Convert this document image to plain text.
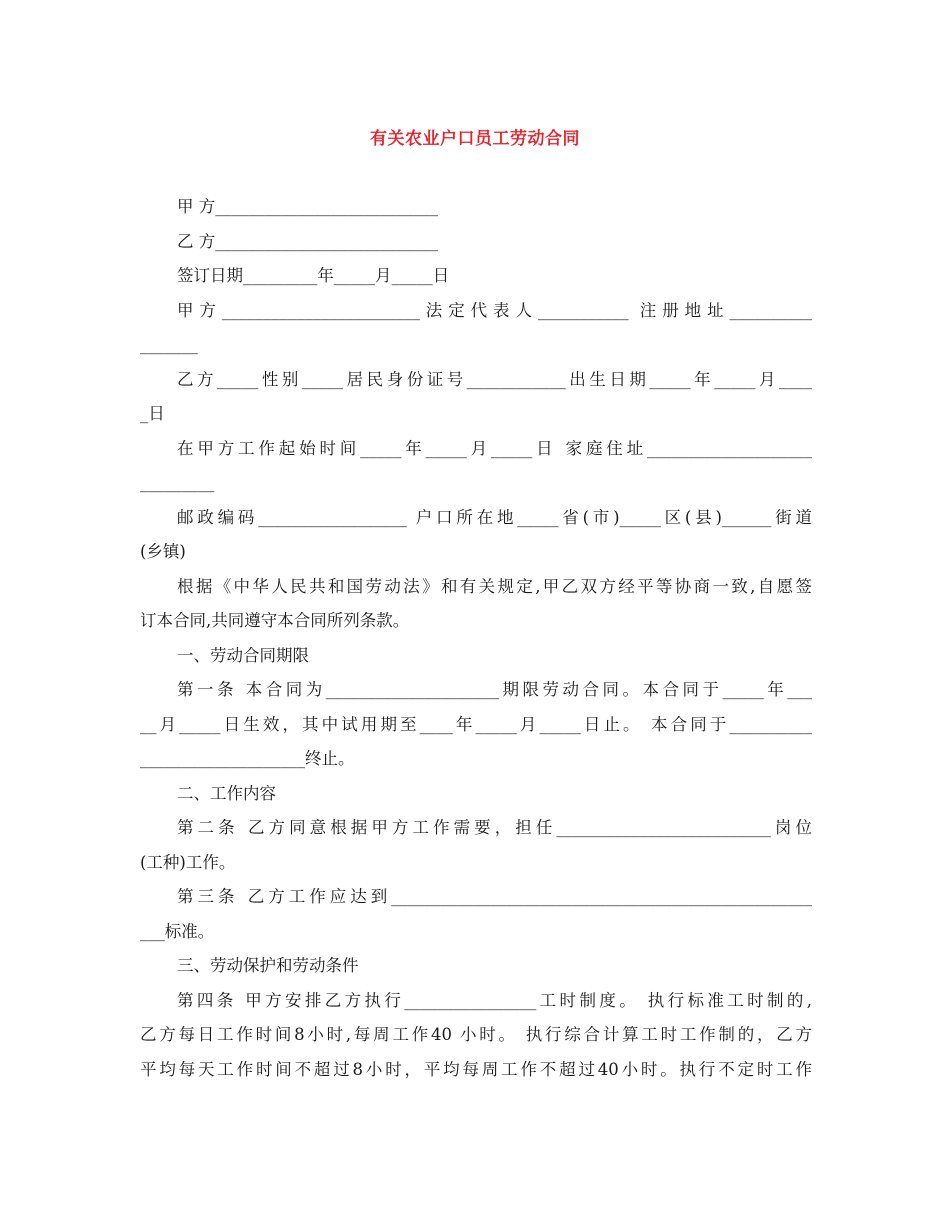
有关农业户口员工劳动合同
甲 方___________________________
乙 方___________________________
签订日期_________年_____月_____日
甲方________________________法定代表人___________ 注册地址__________
_______
乙方_____性别_____居民身份证号____________出生日期_____年_____月____
_日
在甲方工作起始时间_____年_____月_____日 家庭住址____________________
_________
邮政编码__________________ 户口所在地_____省(市)_____区(县)______街道
(乡镇)
根据《中华人民共和国劳动法》和有关规定,甲乙双方经平等协商一致,自愿签
订本合同,共同遵守本合同所列条款。
一、劳动合同期限
第一条 本合同为_____________________期限劳动合同。本合同于_____年___
__月_____日生效，其中试用期至____年_____月_____日止。 本合同于__________
____________________终止。
二、工作内容
第二条 乙方同意根据甲方工作需要，担任__________________________岗位
(工种)工作。
第三条 乙方工作应达到___________________________________________________
___标准。
三、劳动保护和劳动条件
第四条 甲方安排乙方执行________________工时制度。 执行标准工时制的,
乙方每日工作时间8小时,每周工作40 小时。 执行综合计算工时工作制的，乙方
平均每天工作时间不超过8小时，平均每周工作不超过40小时。执行不定时工作
